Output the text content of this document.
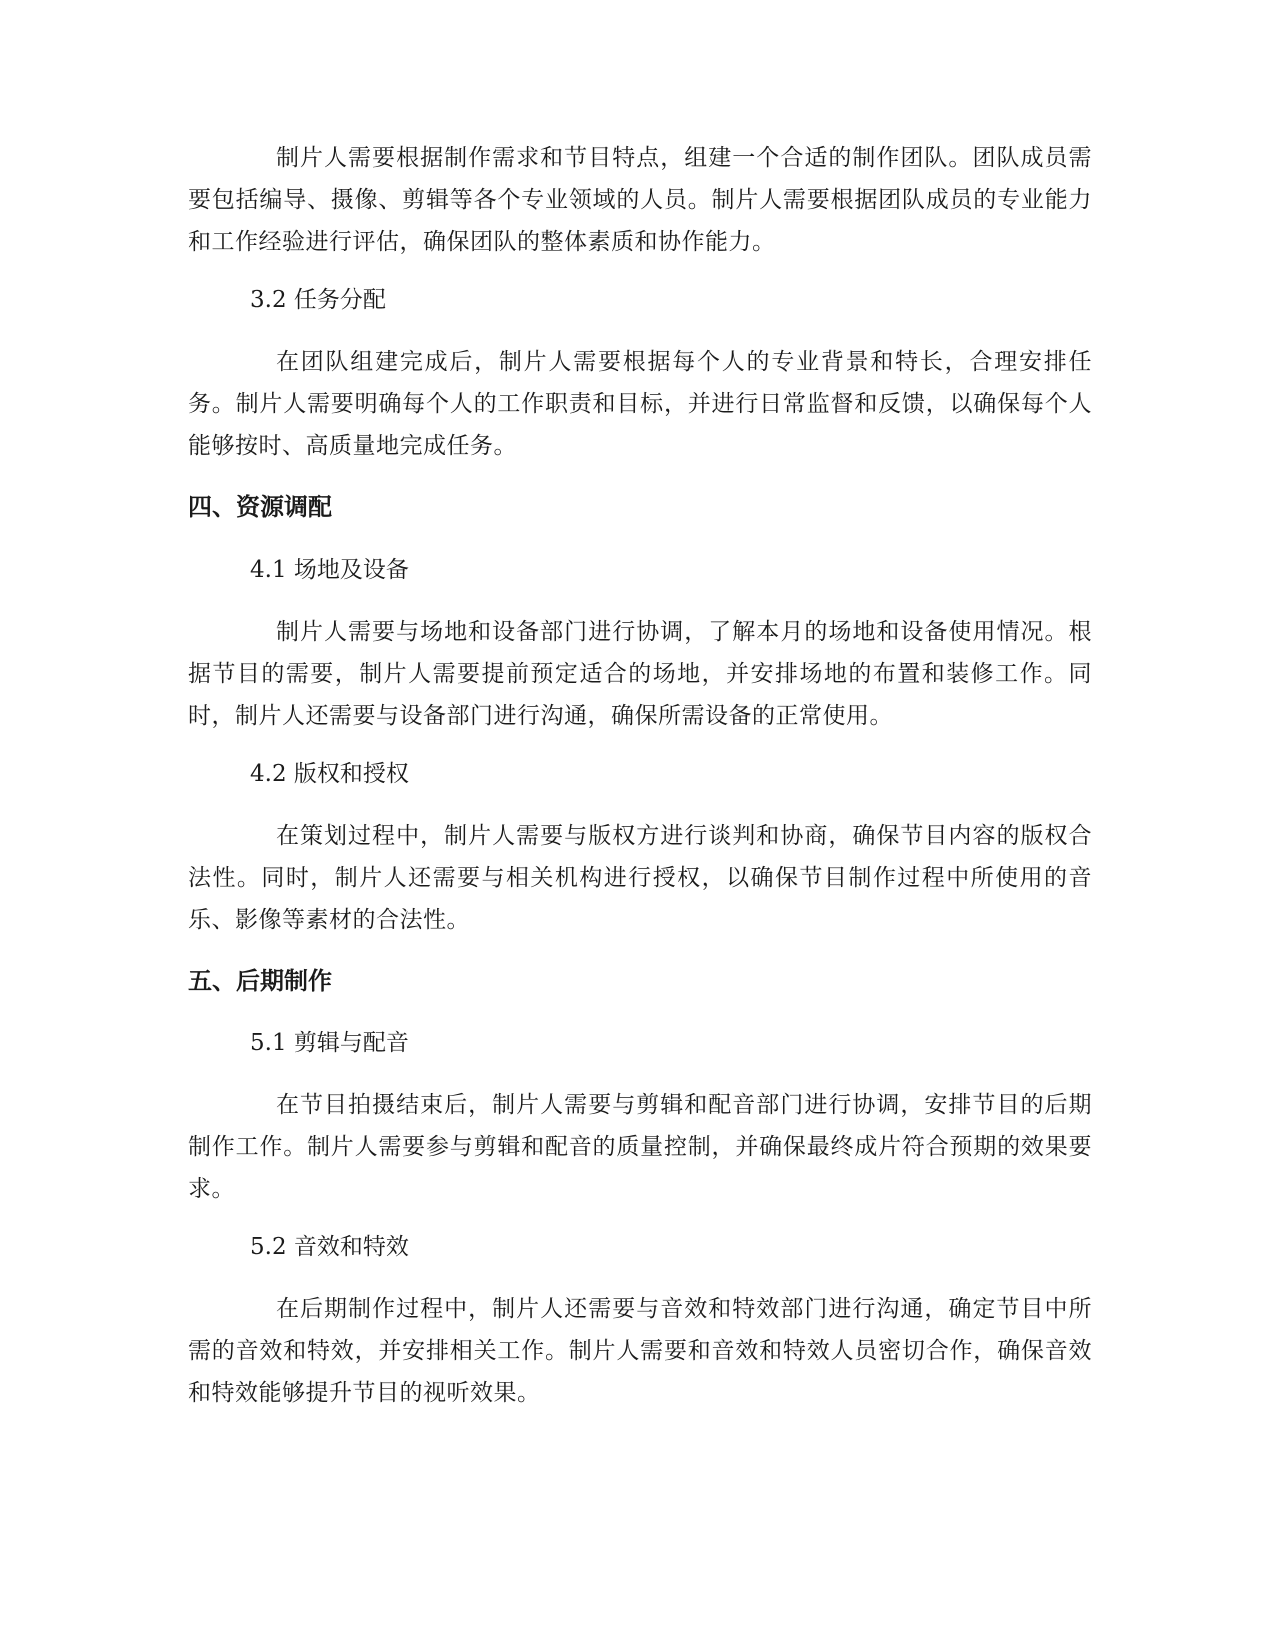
制片人需要根据制作需求和节目特点，组建一个合适的制作团队。团队成员需要包括编导、摄像、剪辑等各个专业领域的人员。制片人需要根据团队成员的专业能力和工作经验进行评估，确保团队的整体素质和协作能力。

3.2 任务分配

在团队组建完成后，制片人需要根据每个人的专业背景和特长，合理安排任务。制片人需要明确每个人的工作职责和目标，并进行日常监督和反馈，以确保每个人能够按时、高质量地完成任务。

四、资源调配

4.1 场地及设备

制片人需要与场地和设备部门进行协调，了解本月的场地和设备使用情况。根据节目的需要，制片人需要提前预定适合的场地，并安排场地的布置和装修工作。同时，制片人还需要与设备部门进行沟通，确保所需设备的正常使用。

4.2 版权和授权

在策划过程中，制片人需要与版权方进行谈判和协商，确保节目内容的版权合法性。同时，制片人还需要与相关机构进行授权，以确保节目制作过程中所使用的音乐、影像等素材的合法性。

五、后期制作

5.1 剪辑与配音

在节目拍摄结束后，制片人需要与剪辑和配音部门进行协调，安排节目的后期制作工作。制片人需要参与剪辑和配音的质量控制，并确保最终成片符合预期的效果要求。

5.2 音效和特效

在后期制作过程中，制片人还需要与音效和特效部门进行沟通，确定节目中所需的音效和特效，并安排相关工作。制片人需要和音效和特效人员密切合作，确保音效和特效能够提升节目的视听效果。
